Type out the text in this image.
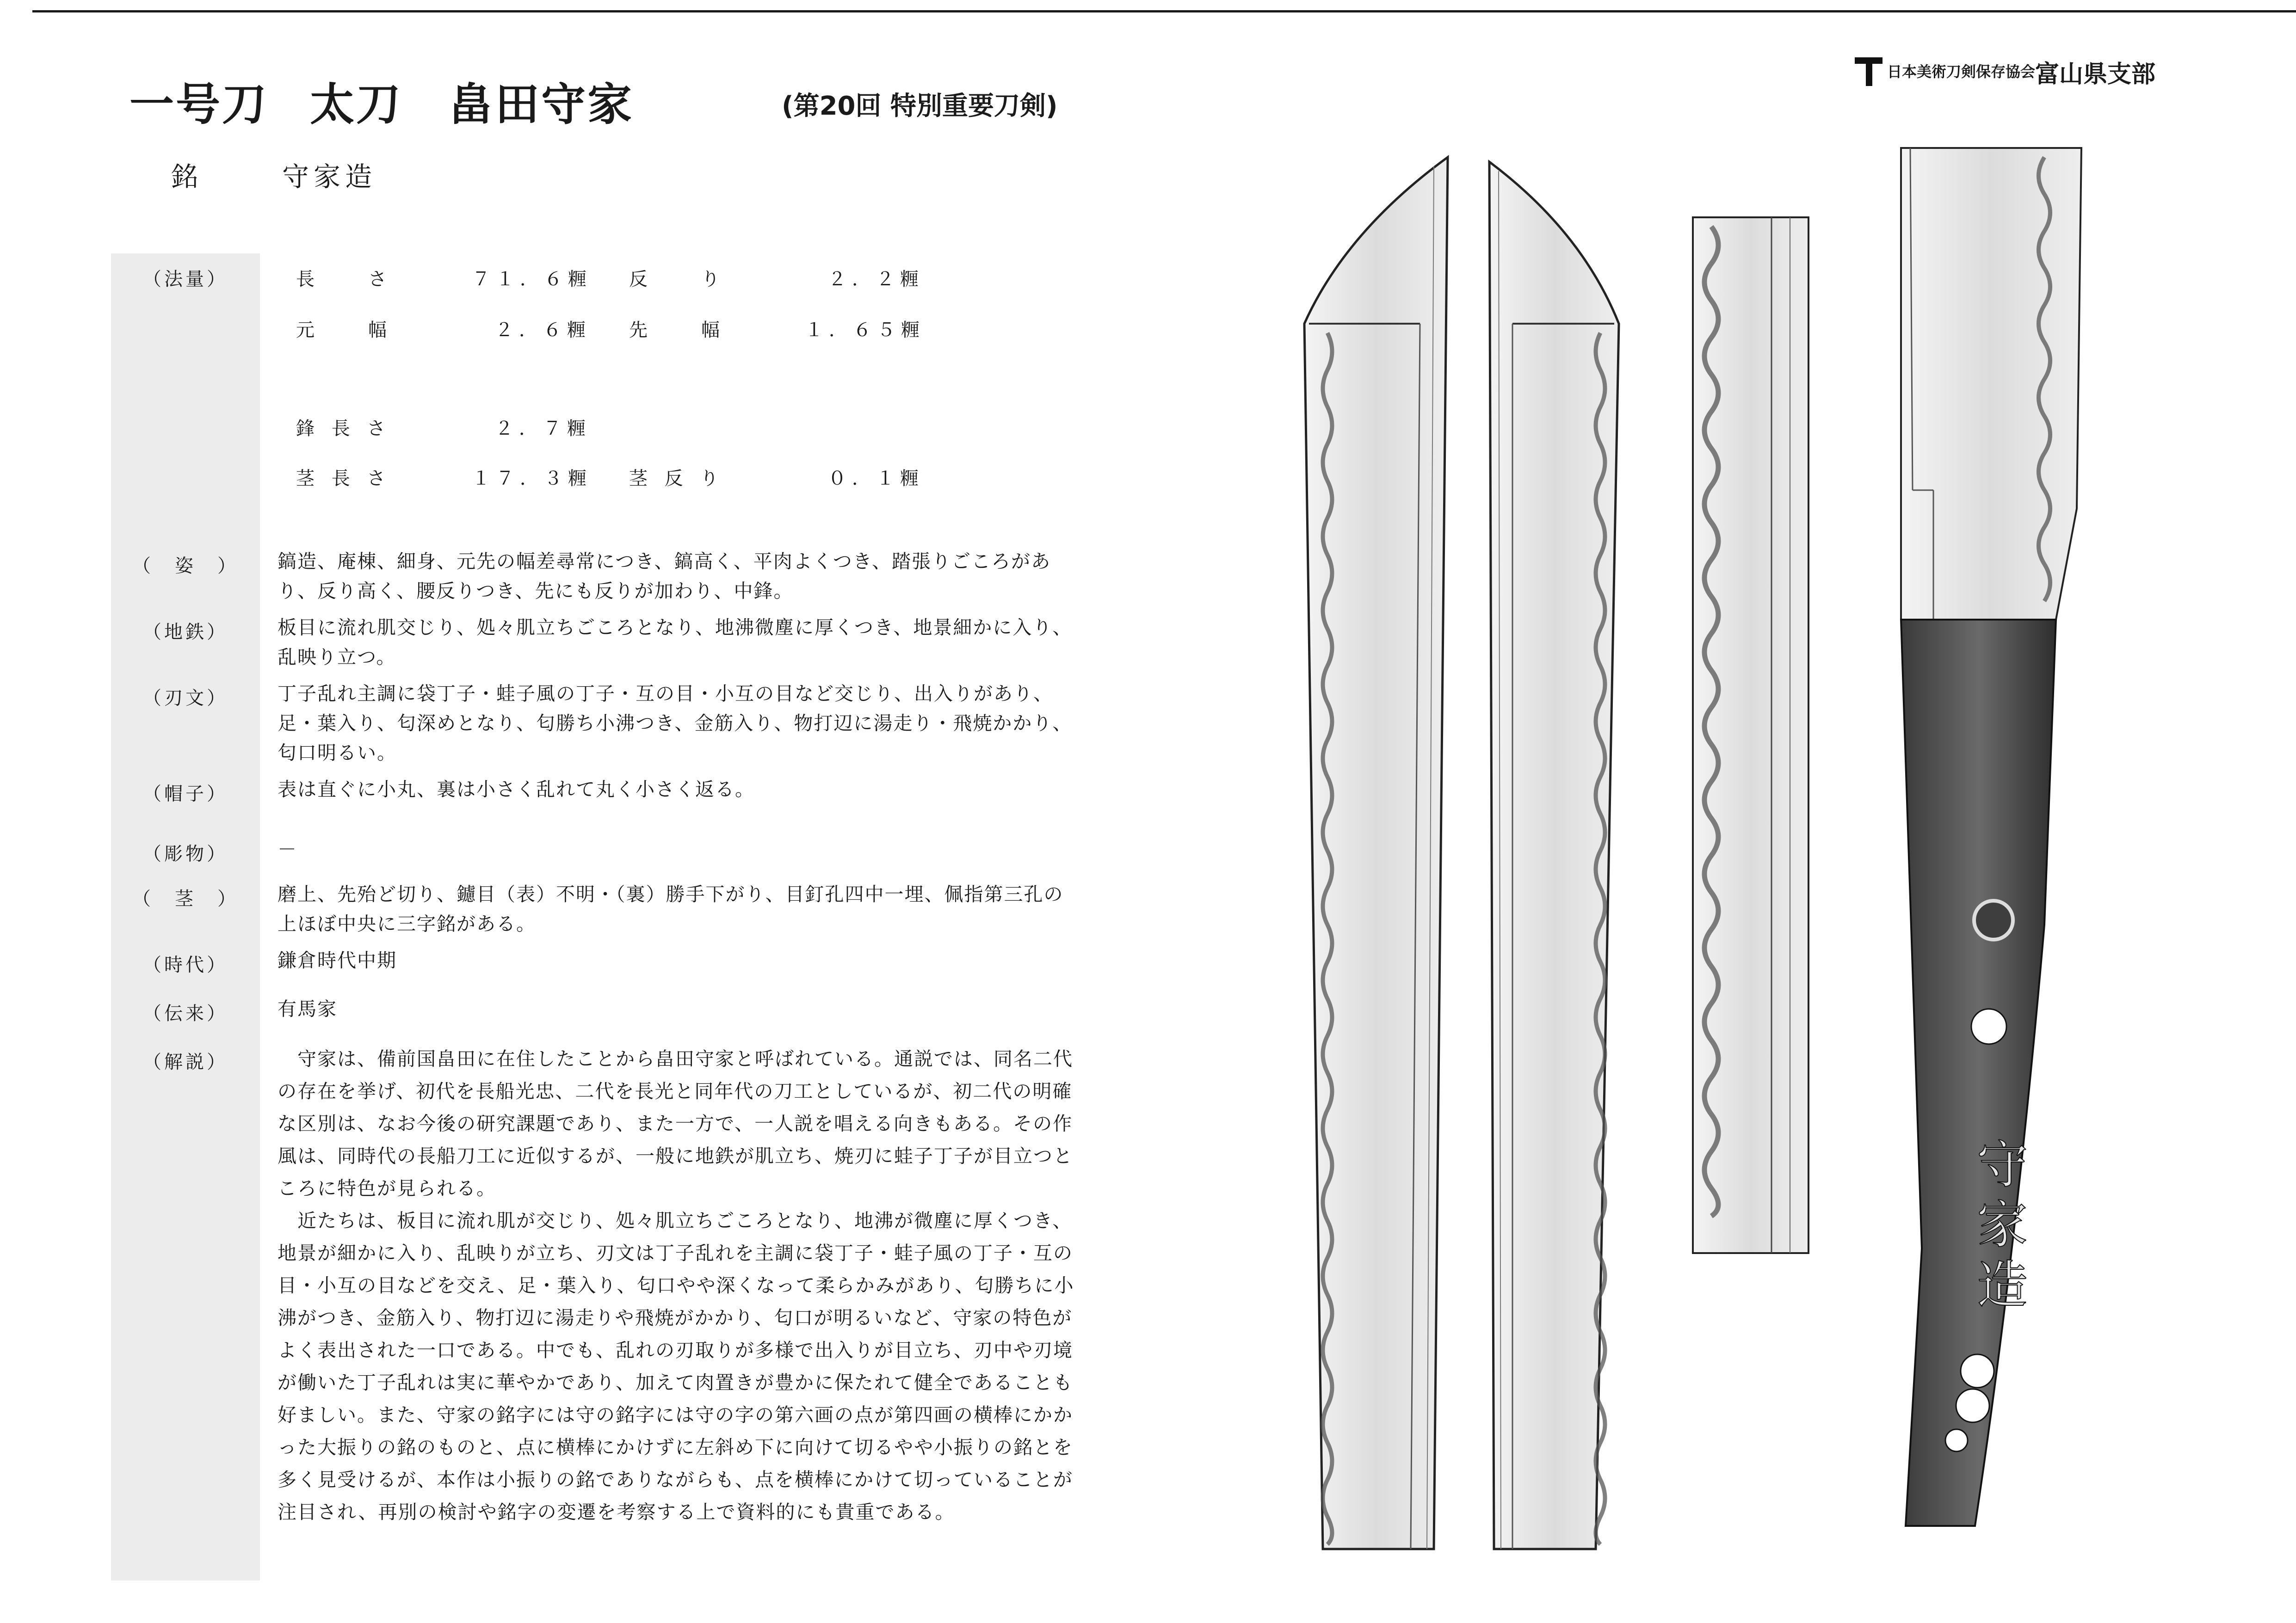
一号刀 太刀 畠田守家	(第20回 特別重要刀剣)
銘	守家造
日本美術刀剣保存協会 富山県支部
（法量）	長　　さ	７１．６糎 反　　り	２．２糎
元　　幅	２．６糎 先　　幅	１．６５糎
鋒 長 さ	２．７糎
茎 長 さ	１７．３糎 茎 反 り	０．１糎
（　姿　）	鎬造、庵棟、細身、元先の幅差尋常につき、鎬高く、平肉よくつき、踏張りごころがあり、反り高く、腰反りつき、先にも反りが加わり、中鋒。

（地鉄）	板目に流れ肌交じり、処々肌立ちごころとなり、地沸微塵に厚くつき、地景細かに入り、乱映り立つ。

（刃文）	丁子乱れ主調に袋丁子・蛙子風の丁子・互の目・小互の目など交じり、出入りがあり、足・葉入り、匂深めとなり、匂勝ち小沸つき、金筋入り、物打辺に湯走り・飛焼かかり、匂口明るい。

（帽子）	表は直ぐに小丸、裏は小さく乱れて丸く小さく返る。

（彫物）	－

（　茎　）	磨上、先殆ど切り、鑢目（表）不明・（裏）勝手下がり、目釘孔四中一埋、佩指第三孔の上ほぼ中央に三字銘がある。

（時代）	鎌倉時代中期

（伝来）	有馬家

（解説）	　守家は、備前国畠田に在住したことから畠田守家と呼ばれている。通説では、同名二代の存在を挙げ、初代を長船光忠、二代を長光と同年代の刀工としているが、初二代の明確な区別は、なお今後の研究課題であり、また一方で、一人説を唱える向きもある。その作風は、同時代の長船刀工に近似するが、一般に地鉄が肌立ち、焼刃に蛙子丁子が目立つところに特色が見られる。

　近たちは、板目に流れ肌が交じり、処々肌立ちごころとなり、地沸が微塵に厚くつき、地景が細かに入り、乱映りが立ち、刃文は丁子乱れを主調に袋丁子・蛙子風の丁子・互の目・小互の目などを交え、足・葉入り、匂口やや深くなって柔らかみがあり、匂勝ちに小沸がつき、金筋入り、物打辺に湯走りや飛焼がかかり、匂口が明るいなど、守家の特色がよく表出された一口である。中でも、乱れの刃取りが多様で出入りが目立ち、刃中や刃境が働いた丁子乱れは実に華やかであり、加えて肉置きが豊かに保たれて健全であることも好ましい。また、守家の銘字には守の銘字には守の字の第六画の点が第四画の横棒にかかった大振りの銘のものと、点に横棒にかけずに左斜め下に向けて切るやや小振りの銘とを多く見受けるが、本作は小振りの銘でありながらも、点を横棒にかけて切っていることが注目され、再別の検討や銘字の変遷を考察する上で資料的にも貴重である。

守家造
